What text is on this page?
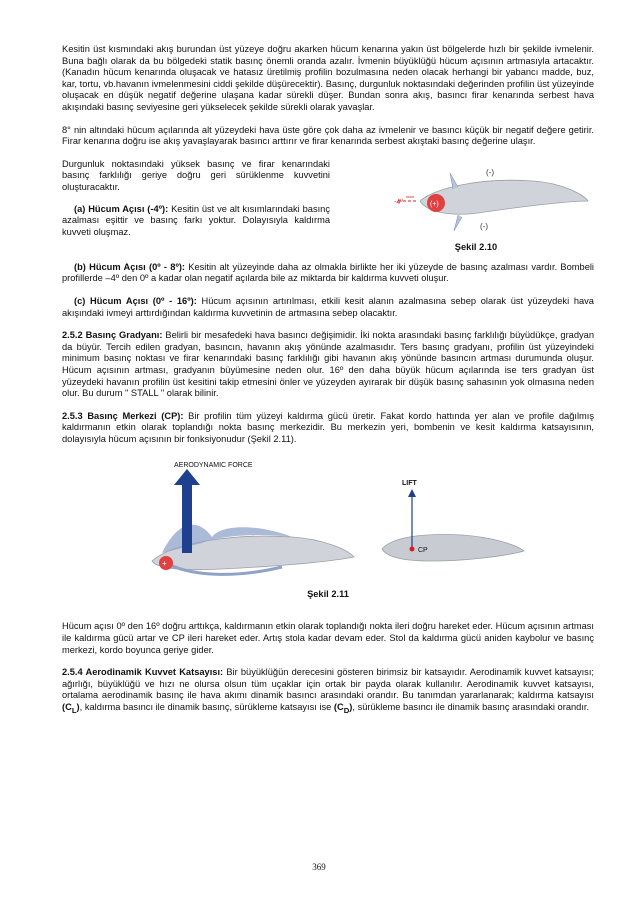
Kesitin üst kısmındaki akış burundan üst yüzeye doğru akarken hücum kenarına yakın üst bölgelerde hızlı bir şekilde ivmelenir. Buna bağlı olarak da bu bölgedeki statik basınç önemli oranda azalır. İvmenin büyüklüğü hücum açısının artmasıyla artacaktır. (Kanadın hücum kenarında oluşacak ve hatasız üretilmiş profilin bozulmasına neden olacak herhangi bir yabancı madde, buz, kar, tortu, vb.havanın ivmelenmesini ciddi şekilde düşürecektir). Basınç, durgunluk noktasındaki değerinden profilin üst yüzeyinde oluşacak en düşük negatif değerine ulaşana kadar sürekli düşer. Bundan sonra akış, basıncı firar kenarında serbest hava akışındaki basınç seviyesine geri yükselecek şekilde sürekli olarak yavaşlar.

8° nin altındaki hücum açılarında alt yüzeydeki hava üste göre çok daha az ivmelenir ve basıncı küçük bir negatif değere getirir. Firar kenarına doğru ise akış yavaşlayarak basıncı arttırır ve firar kenarında serbest akıştaki basınç değerine ulaşır.

Durgunluk noktasındaki yüksek basınç ve firar kenarındaki basınç farklılığı geriye doğru geri sürüklenme kuvvetini oluşturacaktır.

(a) Hücum Açısı (-4º): Kesitin üst ve alt kısımlarındaki basınç azalması eşittir ve basınç farkı yoktur. Dolayısıyla kaldırma kuvveti oluşmaz.

-4º	(+)
(-)
(-)
Şekil 2.10

(b) Hücum Açısı (0º - 8º): Kesitin alt yüzeyinde daha az olmakla birlikte her iki yüzeyde de basınç azalması vardır. Bombeli profillerde –4º den 0º a kadar olan negatif açılarda bile az miktarda bir kaldırma kuvveti oluşur.

(c) Hücum Açısı (0º - 16º): Hücum açısının artırılması, etkili kesit alanın azalmasına sebep olarak üst yüzeydeki hava akışındaki ivmeyi arttırdığından kaldırma kuvvetinin de artmasına sebep olacaktır.

2.5.2 Basınç Gradyanı: Belirli bir mesafedeki hava basıncı değişimidir. İki nokta arasındaki basınç farklılığı büyüdükçe, gradyan da büyür. Tercih edilen gradyan, basıncın, havanın akış yönünde azalmasıdır. Ters basınç gradyanı, profilin üst yüzeyindeki minimum basınç noktası ve firar kenarındaki basınç farklılığı gibi havanın akış yönünde basıncın artması durumunda oluşur. Hücum açısının artması, gradyanın büyümesine neden olur. 16º den daha büyük hücum açılarında ise ters gradyan üst yüzeydeki havanın profilin üst kesitini takip etmesini önler ve yüzeyden ayırarak bir düşük basınç sahasının yok olmasına neden olur. Bu durum " STALL " olarak bilinir.

2.5.3 Basınç Merkezi (CP): Bir profilin tüm yüzeyi kaldırma gücü üretir. Fakat kordo hattında yer alan ve profile dağılmış kaldırmanın etkin olarak toplandığı nokta basınç merkezidir. Bu merkezin yeri, bombenin ve kesit kaldırma katsayısının, dolayısıyla hücum açısının bir fonksiyonudur (Şekil 2.11).

AERODYNAMIC FORCE
+
LIFT
CP
Şekil 2.11

Hücum açısı 0º den 16º doğru arttıkça, kaldırmanın etkin olarak toplandığı nokta ileri doğru hareket eder. Hücum açısının artması ile kaldırma gücü artar ve CP ileri hareket eder. Artış stola kadar devam eder. Stol da kaldırma gücü aniden kaybolur ve basınç merkezi, kordo boyunca geriye gider.

2.5.4 Aerodinamik Kuvvet Katsayısı: Bir büyüklüğün derecesini gösteren birimsiz bir katsayıdır. Aerodinamik kuvvet katsayısı; ağırlığı, büyüklüğü ve hızı ne olursa olsun tüm uçaklar için ortak bir payda olarak kullanılır. Aerodinamik kuvvet katsayısı, ortalama aerodinamik basınç ile hava akımı dinamik basıncı arasındaki orandır. Bu tanımdan yararlanarak; kaldırma katsayısı $(C_L)$, kaldırma basıncı ile dinamik basınç, sürükleme katsayısı ise $(C_D)$, sürükleme basıncı ile dinamik basınç arasındaki orandır.

369
